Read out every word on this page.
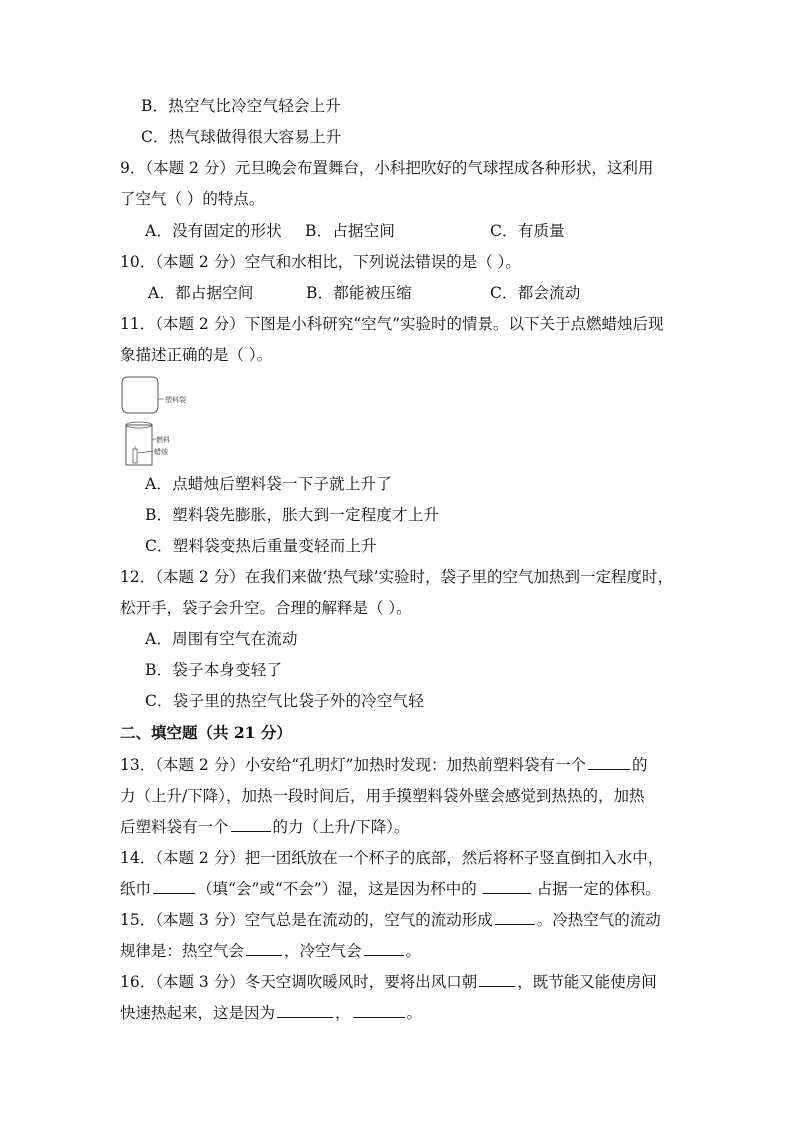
B．热空气比冷空气轻会上升
C．热气球做得很大容易上升
9．（本题 2 分）元旦晚会布置舞台，小科把吹好的气球捏成各种形状，这利用
了空气（ ）的特点。
A．没有固定的形状 B．占据空间	C．有质量
10．（本题 2 分）空气和水相比，下列说法错误的是（ ）。
A．都占据空间	B．都能被压缩	C．都会流动
11．（本题 2 分）下图是小科研究“空气”实验时的情景。以下关于点燃蜡烛后现
象描述正确的是（ ）。
塑料袋
燃料
蜡烛
A．点蜡烛后塑料袋一下子就上升了
B．塑料袋先膨胀，胀大到一定程度才上升
C．塑料袋变热后重量变轻而上升
12．（本题 2 分）在我们来做‘热气球’实验时，袋子里的空气加热到一定程度时，
松开手，袋子会升空。合理的解释是（ ）。
A．周围有空气在流动
B．袋子本身变轻了
C．袋子里的热空气比袋子外的冷空气轻
二、填空题（共 21 分）
13．（本题 2 分）小安给“孔明灯”加热时发现：加热前塑料袋有一个	的
力（上升/下降），加热一段时间后，用手摸塑料袋外壁会感觉到热热的，加热
后塑料袋有一个	的力（上升/下降）。
14．（本题 2 分）把一团纸放在一个杯子的底部，然后将杯子竖直倒扣入水中，
纸巾	（填“会”或“不会”）湿，这是因为杯中的	占据一定的体积。
15．（本题 3 分）空气总是在流动的，空气的流动形成	。冷热空气的流动
规律是：热空气会	，冷空气会	。
16．（本题 3 分）冬天空调吹暖风时，要将出风口朝	，既节能又能使房间
快速热起来，这是因为	，	。
